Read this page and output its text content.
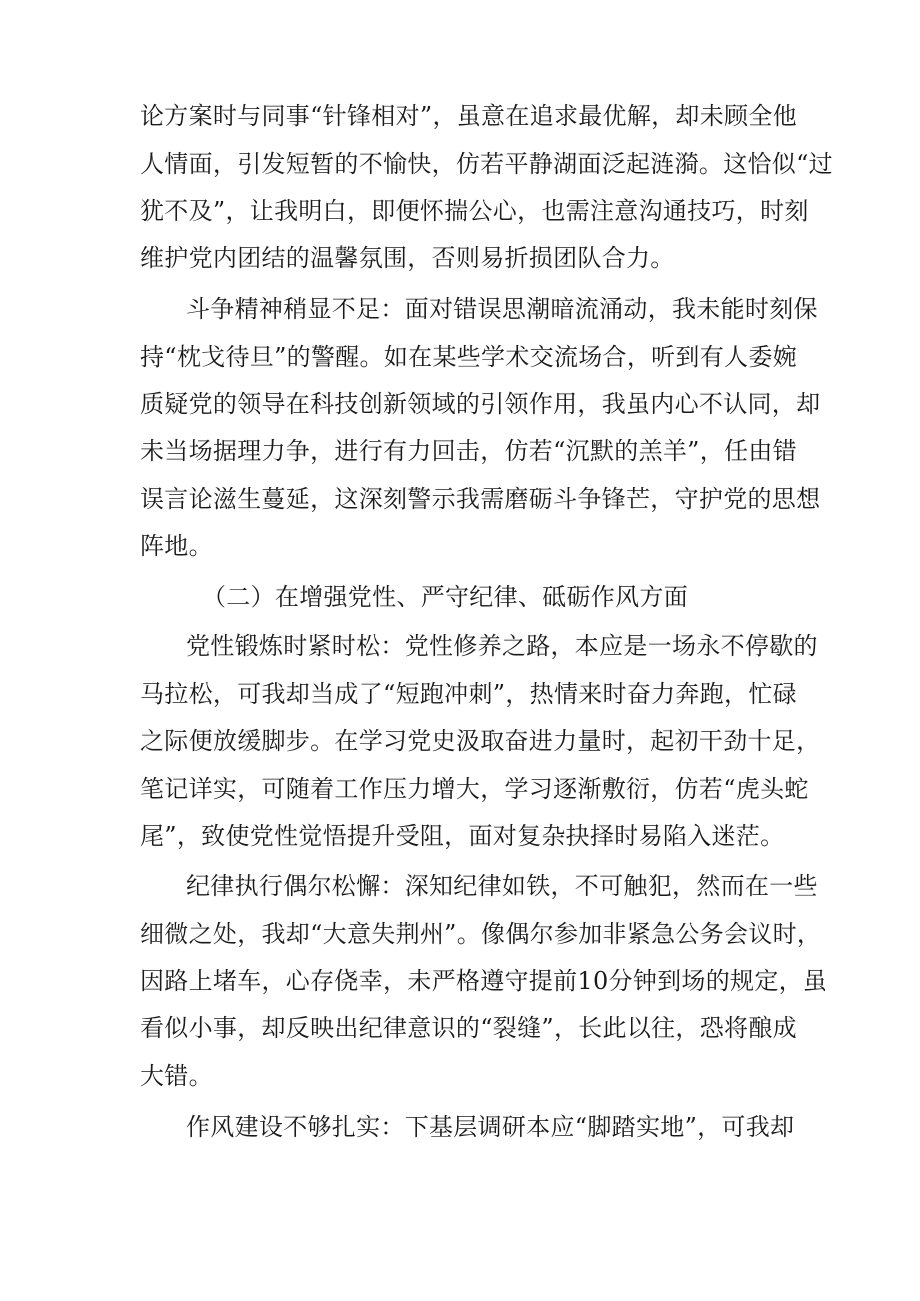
论方案时与同事“针锋相对”，虽意在追求最优解，却未顾全他
人情面，引发短暂的不愉快，仿若平静湖面泛起涟漪。这恰似“过
犹不及”，让我明白，即便怀揣公心，也需注意沟通技巧，时刻
维护党内团结的温馨氛围，否则易折损团队合力。
斗争精神稍显不足：面对错误思潮暗流涌动，我未能时刻保
持“枕戈待旦”的警醒。如在某些学术交流场合，听到有人委婉
质疑党的领导在科技创新领域的引领作用，我虽内心不认同，却
未当场据理力争，进行有力回击，仿若“沉默的羔羊”，任由错
误言论滋生蔓延，这深刻警示我需磨砺斗争锋芒，守护党的思想
阵地。
（二）在增强党性、严守纪律、砥砺作风方面
党性锻炼时紧时松：党性修养之路，本应是一场永不停歇的
马拉松，可我却当成了“短跑冲刺”，热情来时奋力奔跑，忙碌
之际便放缓脚步。在学习党史汲取奋进力量时，起初干劲十足，
笔记详实，可随着工作压力增大，学习逐渐敷衍，仿若“虎头蛇
尾”，致使党性觉悟提升受阻，面对复杂抉择时易陷入迷茫。
纪律执行偶尔松懈：深知纪律如铁，不可触犯，然而在一些
细微之处，我却“大意失荆州”。像偶尔参加非紧急公务会议时，
因路上堵车，心存侥幸，未严格遵守提前10分钟到场的规定，虽
看似小事，却反映出纪律意识的“裂缝”，长此以往，恐将酿成
大错。
作风建设不够扎实：下基层调研本应“脚踏实地”，可我却
